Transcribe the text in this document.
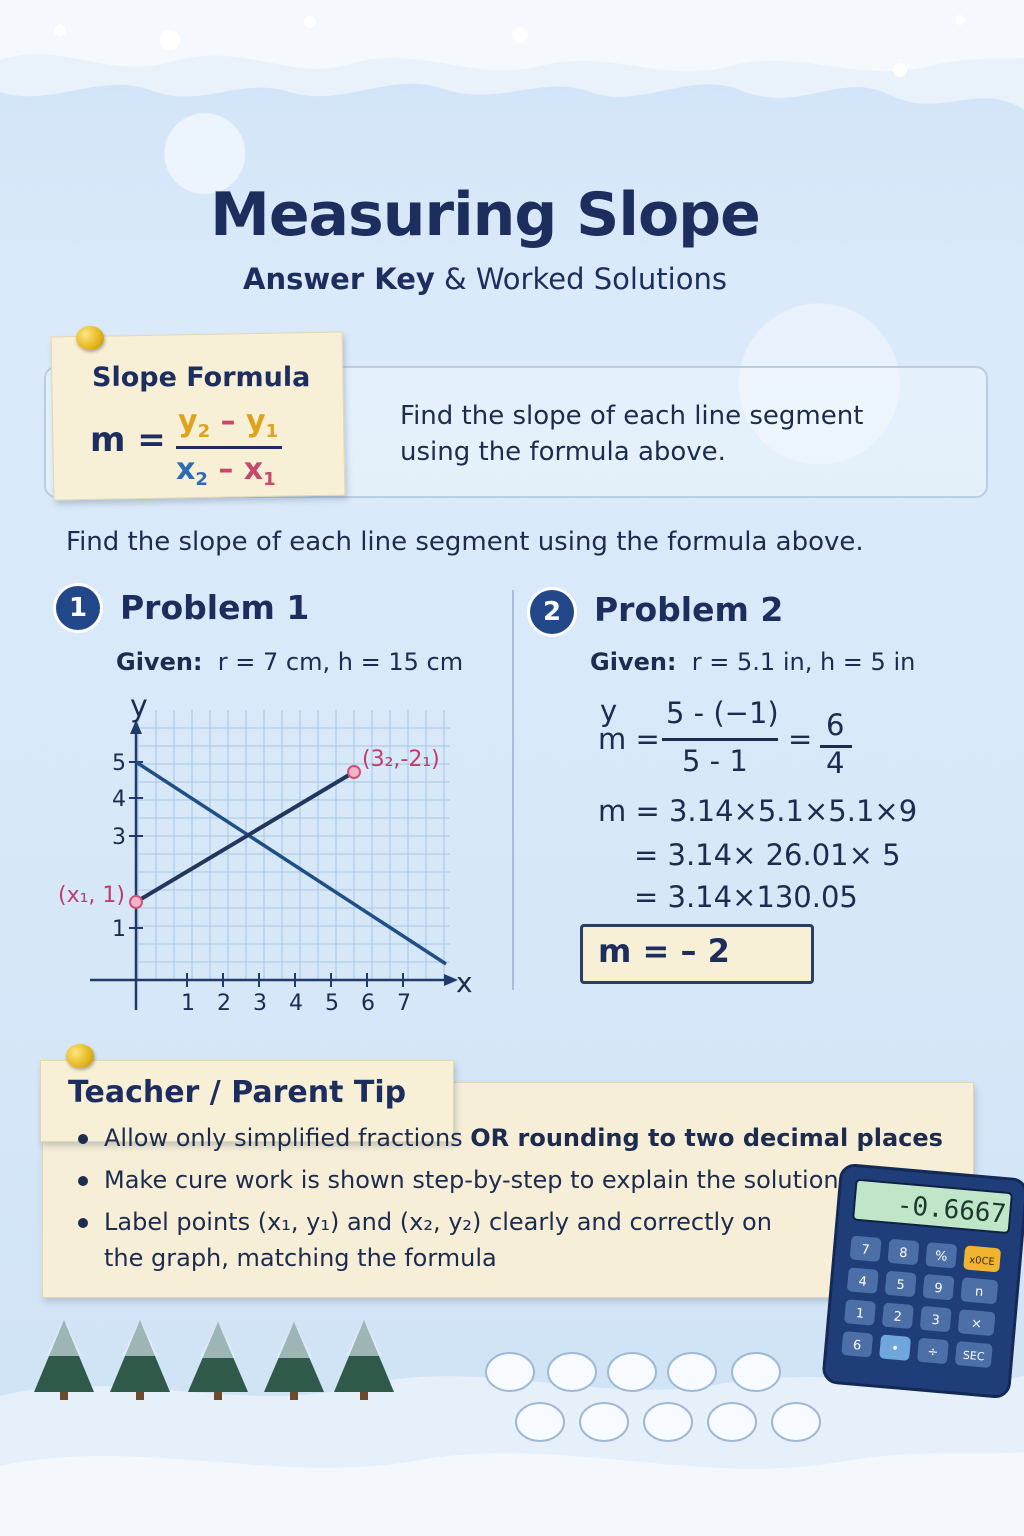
Measuring Slope
Answer Key & Worked Solutions
Slope Formula
$m = y_2 - y_1$
$x_2 - x_1$
Find the slope of each line segment using the formula above.
Find the slope of each line segment using the formula above.
1 Problem 1
Given: r = 7 cm, h = 15 cm
y
x
1 2 3 4 5 6 7
1
3
4
5
(x₁, 1)
(3₂,-2₁)
2 Problem 2
Given: r = 5.1 in, h = 5 in
y
m =
5 - (−1)
5 - 1
= 6
4
m = 3.14×5.1×5.1×9
= 3.14× 26.01× 5
= 3.14×130.05
m = – 2
Teacher / Parent Tip
Allow only simplified fractions OR rounding to two decimal places
Make cure work is shown step-by-step to explain the solution
Label points (x₁, y₁) and (x₂, y₂) clearly and correctly on
the graph, matching the formula
-0.6667
7 8 % x0CE
4 5 9 n
1 2 3 ×
6 • ÷ SEC
